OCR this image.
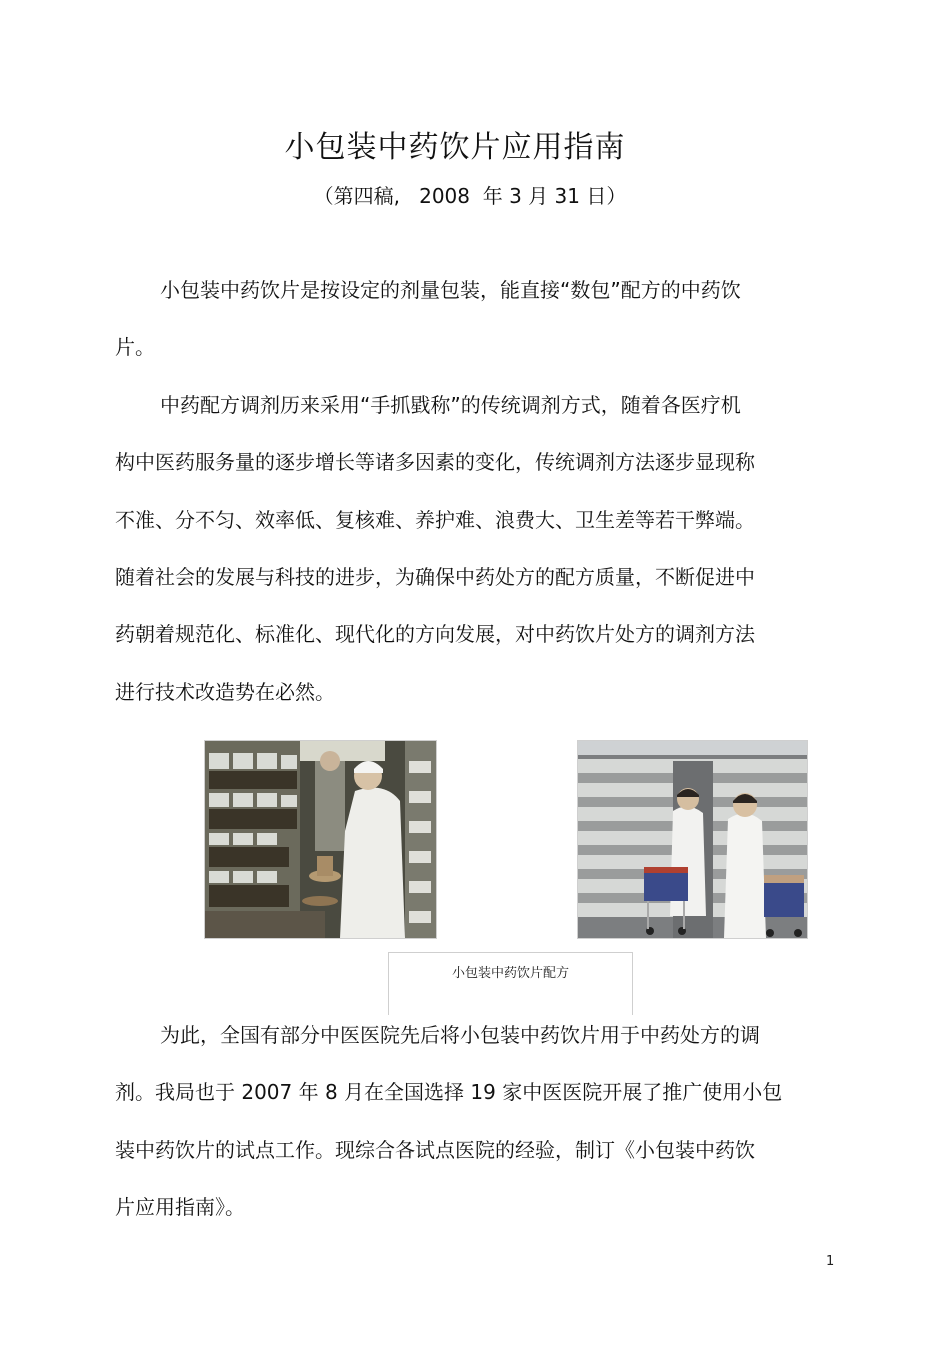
小包装中药饮片应用指南

（第四稿,   2008  年 3 月 31 日）

小包装中药饮片是按设定的剂量包装，能直接“数包”配方的中药饮

片。

中药配方调剂历来采用“手抓戥称”的传统调剂方式，随着各医疗机

构中医药服务量的逐步增长等诸多因素的变化，传统调剂方法逐步显现称

不准、分不匀、效率低、复核难、养护难、浪费大、卫生差等若干弊端。

随着社会的发展与科技的进步，为确保中药处方的配方质量，不断促进中

药朝着规范化、标准化、现代化的方向发展，对中药饮片处方的调剂方法

进行技术改造势在必然。

小包装中药饮片配方

为此，全国有部分中医医院先后将小包装中药饮片用于中药处方的调

剂。我局也于 2007 年 8 月在全国选择 19 家中医医院开展了推广使用小包

装中药饮片的试点工作。现综合各试点医院的经验，制订《小包装中药饮

片应用指南》。

1
